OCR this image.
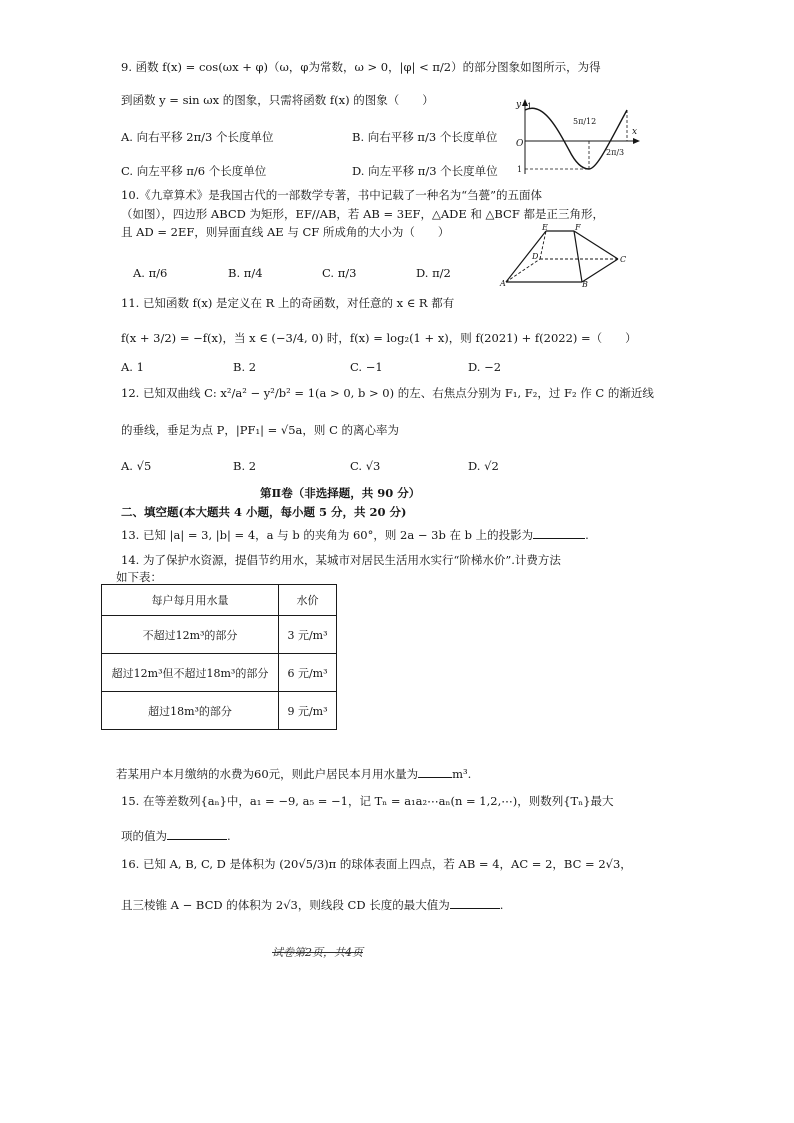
9. 函数 f(x) = cos(ωx + φ)（ω，φ为常数，ω > 0，|φ| < π/2）的部分图象如图所示，为得
到函数 y = sin ωx 的图象，只需将函数 f(x) 的图象（　　）
A. 向右平移 2π/3 个长度单位	B. 向右平移 π/3 个长度单位
C. 向左平移 π/6 个长度单位	D. 向左平移 π/3 个长度单位
y
x
O
1
1
5π/12
2π/3
10.《九章算术》是我国古代的一部数学专著，书中记载了一种名为“刍甍”的五面体
（如图），四边形 ABCD 为矩形，EF//AB，若 AB = 3EF，△ADE 和 △BCF 都是正三角形，
且 AD = 2EF，则异面直线 AE 与 CF 所成角的大小为（　　）
A. π/6	B. π/4	C. π/3	D. π/2
E	F
D	C
A	B
11. 已知函数 f(x) 是定义在 R 上的奇函数，对任意的 x ∈ R 都有
f(x + 3/2) = −f(x)，当 x ∈ (−3/4, 0) 时，f(x) = log₂(1 + x)，则 f(2021) + f(2022) =（　　）
A. 1	B. 2	C. −1	D. −2
12. 已知双曲线 C: x²/a² − y²/b² = 1(a > 0, b > 0) 的左、右焦点分别为 F₁, F₂，过 F₂ 作 C 的渐近线
的垂线，垂足为点 P，|PF₁| = √5a，则 C 的离心率为
A. √5	B. 2	C. √3	D. √2
第Ⅱ卷（非选择题，共 90 分）
二、填空题(本大题共 4 小题，每小题 5 分，共 20 分)
13. 已知 |a| = 3, |b| = 4，a 与 b 的夹角为 60°，则 2a − 3b 在 b 上的投影为	.
14. 为了保护水资源，提倡节约用水，某城市对居民生活用水实行“阶梯水价”.计费方法
如下表：
每户每月用水量	水价
不超过12m³的部分	3 元/m³
超过12m³但不超过18m³的部分	6 元/m³
超过18m³的部分	9 元/m³
若某用户本月缴纳的水费为60元，则此户居民本月用水量为	m³.
15. 在等差数列{aₙ}中，a₁ = −9, a₅ = −1，记 Tₙ = a₁a₂⋯aₙ(n = 1,2,⋯)，则数列{Tₙ}最大
项的值为	.
16. 已知 A, B, C, D 是体积为 (20√5/3)π 的球体表面上四点，若 AB = 4，AC = 2，BC = 2√3，
且三棱锥 A − BCD 的体积为 2√3，则线段 CD 长度的最大值为	.
试卷第2页，共4页
